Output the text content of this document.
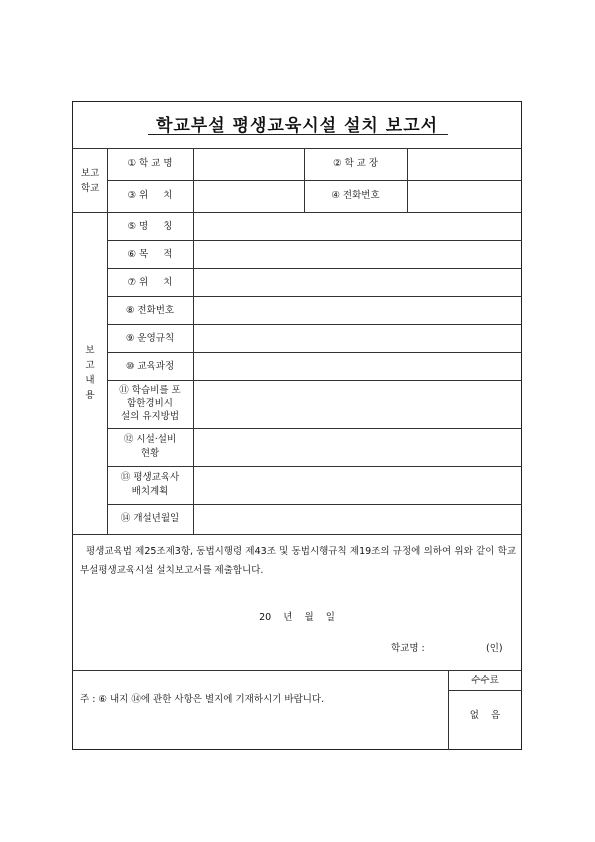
학교부설 평생교육시설 설치 보고서
보고
학교
① 학 교 명	② 학 교 장
③ 위     치	④ 전화번호
보
고
내
용
⑤ 명     칭
⑥ 목     적
⑦ 위     치
⑧ 전화번호
⑨ 운영규칙
⑩ 교육과정
⑪ 학습비를 포
함한경비시
설의 유지방법
⑫ 시설·설비
현황
⑬ 평생교육사
배치계획
⑭ 개설년월일
평생교육법 제25조제3항, 동법시행령 제43조 및 동법시행규칙 제19조의 규정에 의하여 위와 같이 학교부설평생교육시설 설치보고서를 제출합니다.
20    년    월    일
학교명 :	(인)
주 : ⑥ 내지 ⑭에 관한 사항은 별지에 기재하시기 바랍니다.
수수료
없    음
